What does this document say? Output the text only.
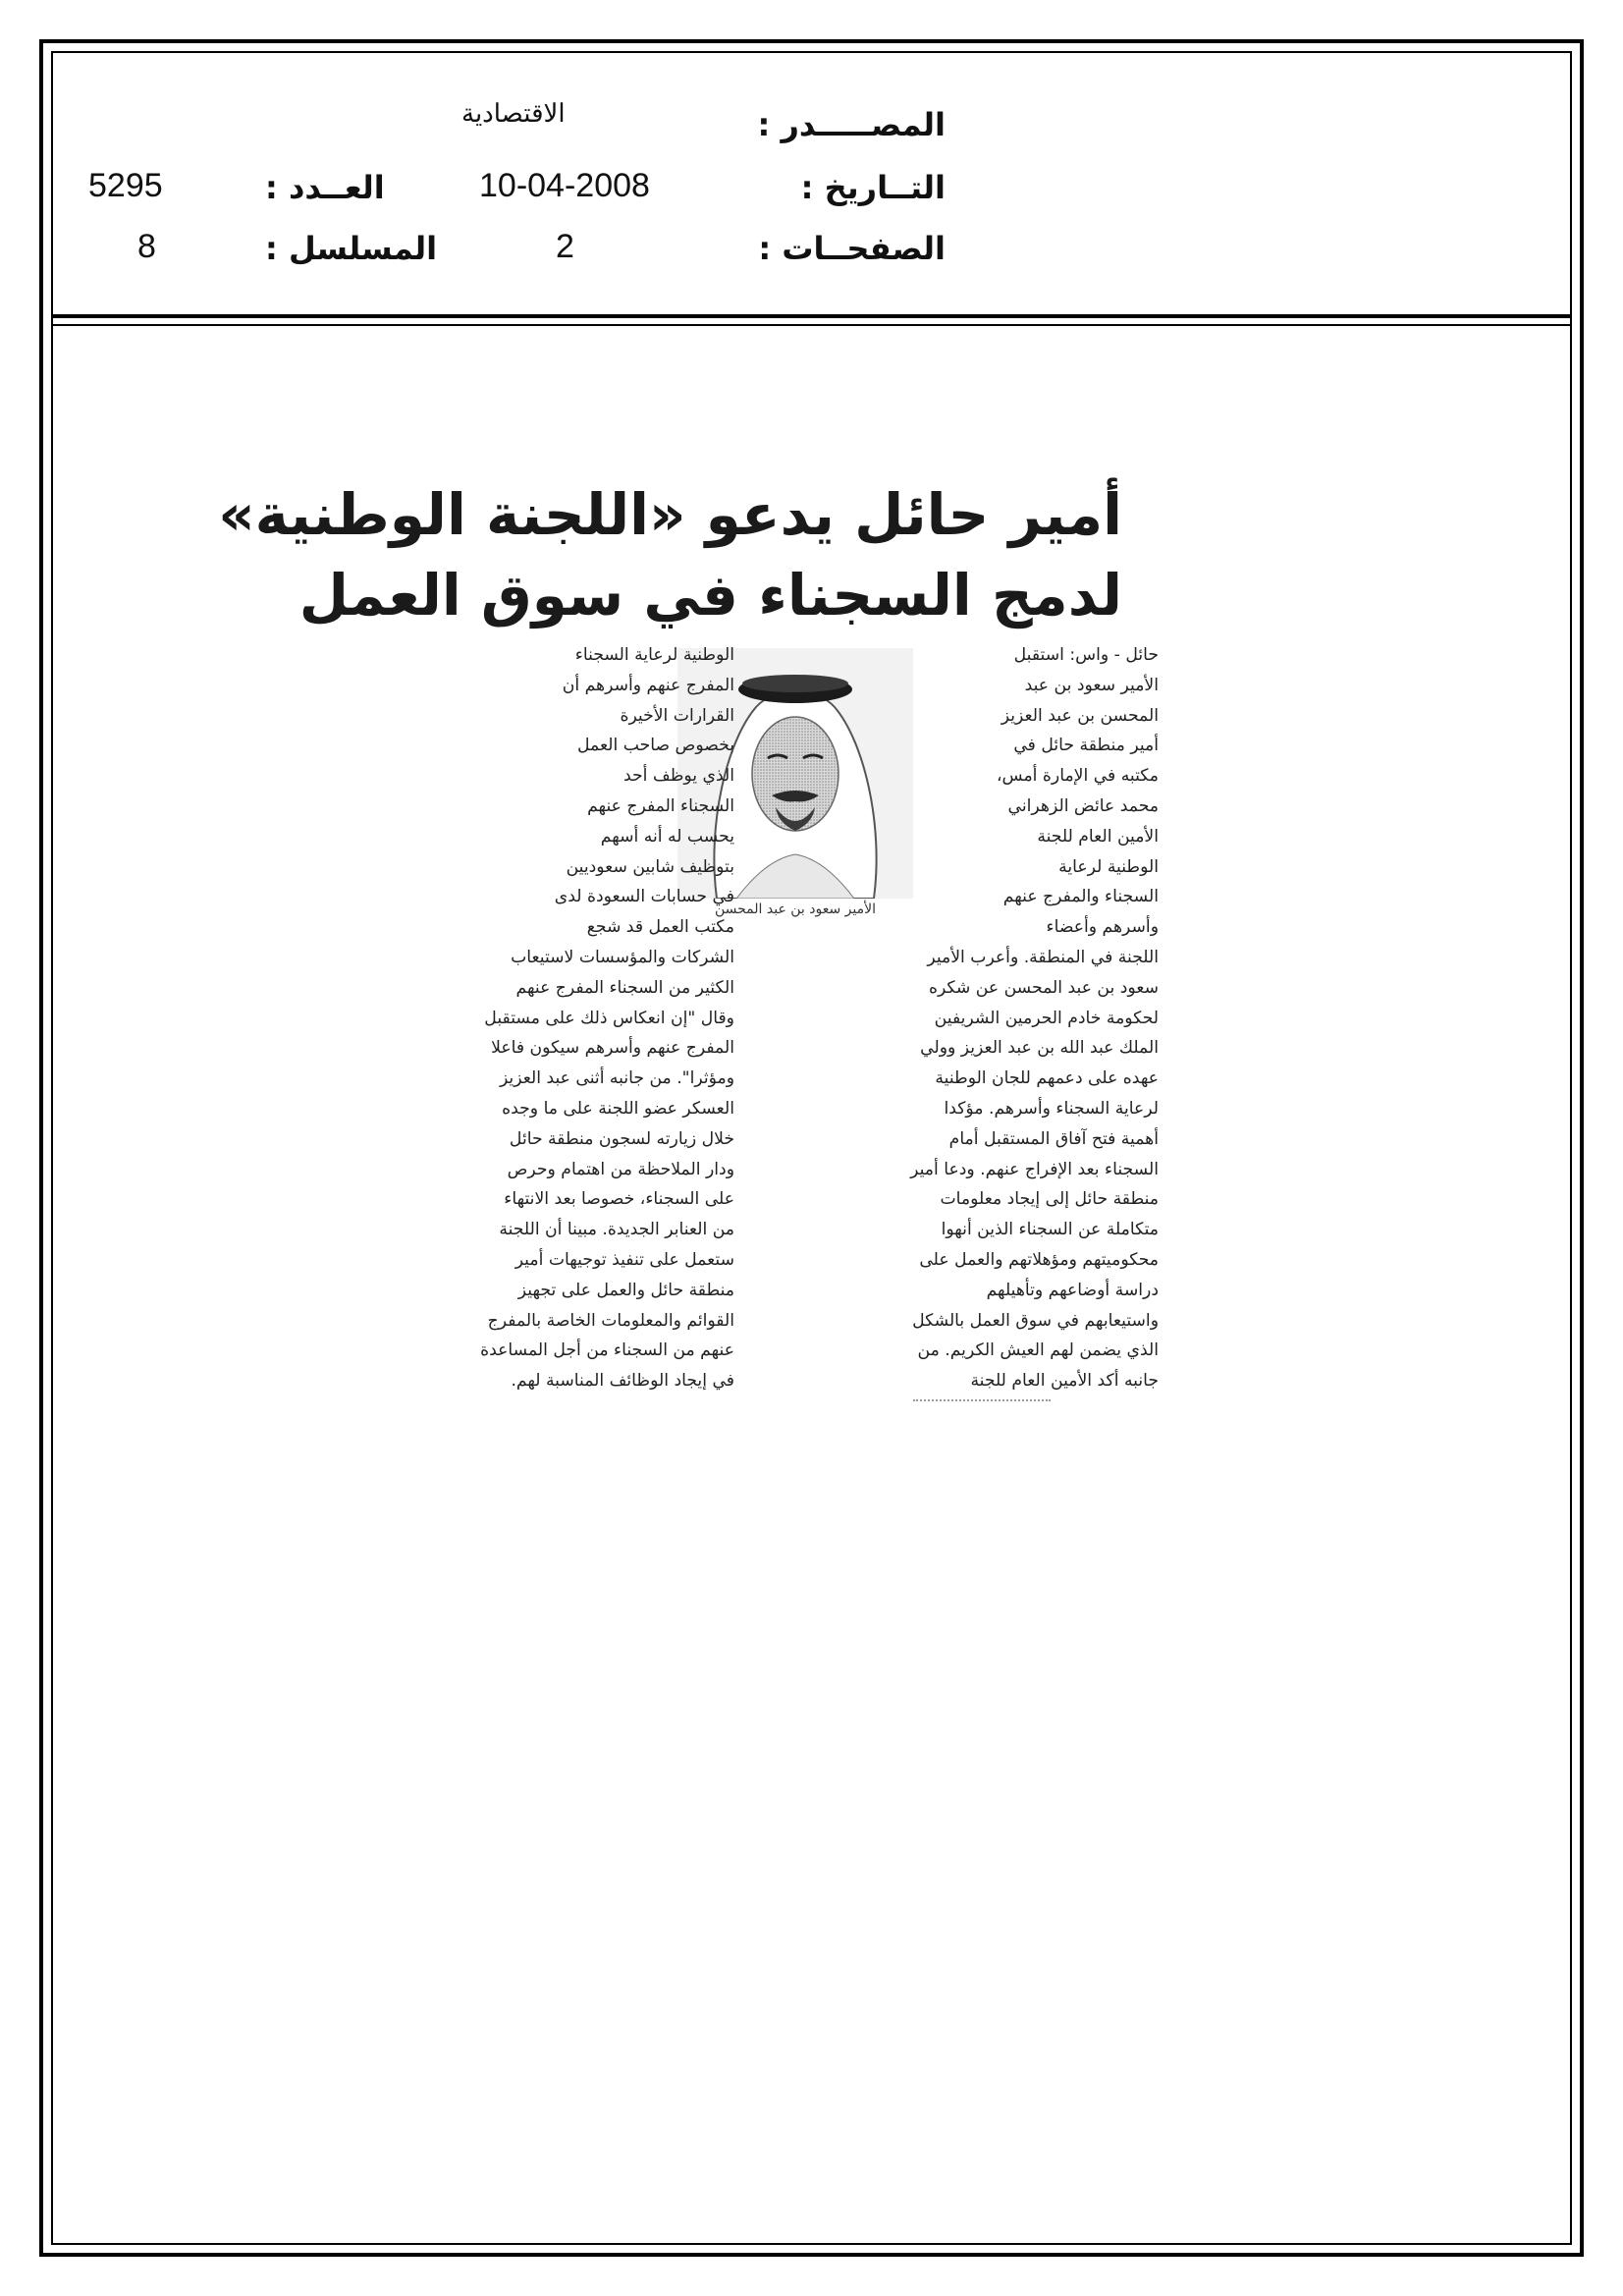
المصـــــدر :
الاقتصادية
التــاريخ :
10-04-2008
الصفحــات :
2
العــدد :
5295
المسلسل :
8
أمير حائل يدعو «اللجنة الوطنية»
لدمج السجناء في سوق العمل
الأمير سعود بن عبد المحسن
حائل - واس: استقبل
الأمير سعود بن عبد
المحسن بن عبد العزيز
أمير منطقة حائل في
مكتبه في الإمارة أمس،
محمد عائض الزهراني
الأمين العام للجنة
الوطنية لرعاية
السجناء والمفرج عنهم
وأسرهم وأعضاء
اللجنة في المنطقة. وأعرب الأمير
سعود بن عبد المحسن عن شكره
لحكومة خادم الحرمين الشريفين
الملك عبد الله بن عبد العزيز وولي
عهده على دعمهم للجان الوطنية
لرعاية السجناء وأسرهم. مؤكدا
أهمية فتح آفاق المستقبل أمام
السجناء بعد الإفراج عنهم. ودعا أمير
منطقة حائل إلى إيجاد معلومات
متكاملة عن السجناء الذين أنهوا
محكوميتهم ومؤهلاتهم والعمل على
دراسة أوضاعهم وتأهيلهم
واستيعابهم في سوق العمل بالشكل
الذي يضمن لهم العيش الكريم. من
جانبه أكد الأمين العام للجنة
الوطنية لرعاية السجناء
المفرج عنهم وأسرهم أن
القرارات الأخيرة
بخصوص صاحب العمل
الذي يوظف أحد
السجناء المفرج عنهم
يحسب له أنه أسهم
بتوظيف شابين سعوديين
في حسابات السعودة لدى
مكتب العمل قد شجع
الشركات والمؤسسات لاستيعاب
الكثير من السجناء المفرج عنهم
وقال "إن انعكاس ذلك على مستقبل
المفرج عنهم وأسرهم سيكون فاعلا
ومؤثرا". من جانبه أثنى عبد العزيز
العسكر عضو اللجنة على ما وجده
خلال زيارته لسجون منطقة حائل
ودار الملاحظة من اهتمام وحرص
على السجناء، خصوصا بعد الانتهاء
من العنابر الجديدة. مبينا أن اللجنة
ستعمل على تنفيذ توجيهات أمير
منطقة حائل والعمل على تجهيز
القوائم والمعلومات الخاصة بالمفرج
عنهم من السجناء من أجل المساعدة
في إيجاد الوظائف المناسبة لهم.
